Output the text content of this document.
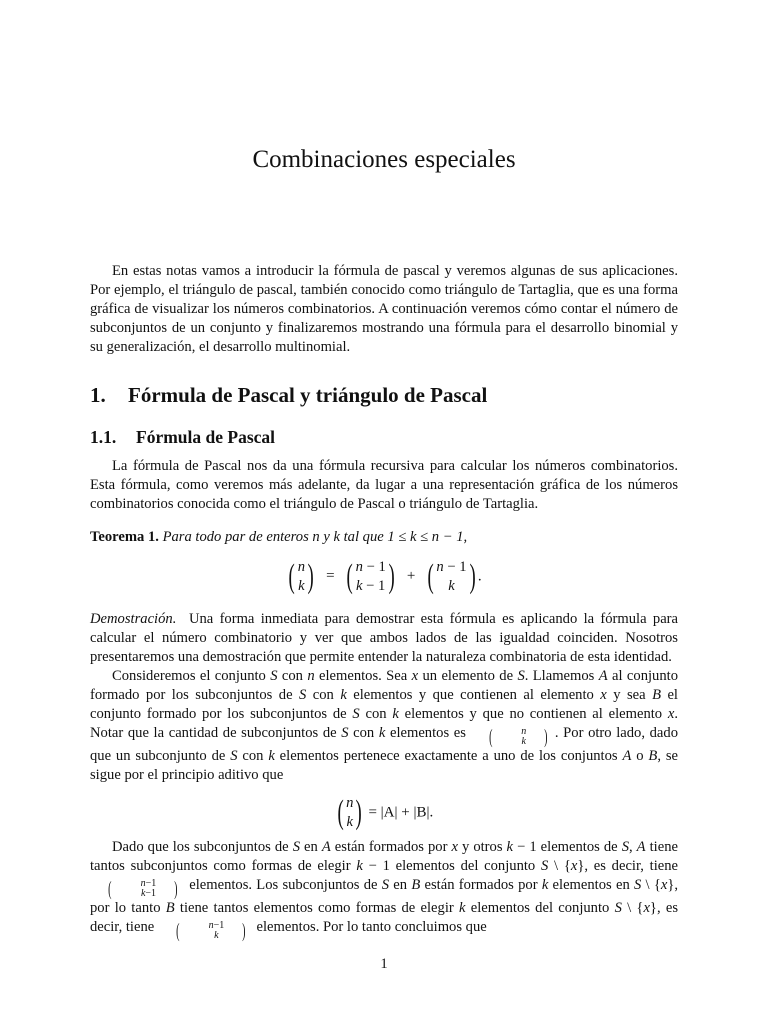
Combinaciones especiales

En estas notas vamos a introducir la fórmula de pascal y veremos algunas de sus aplicaciones. Por ejemplo, el triángulo de pascal, también conocido como triángulo de Tartaglia, que es una forma gráfica de visualizar los números combinatorios. A continuación veremos cómo contar el número de subconjuntos de un conjunto y finalizaremos mostrando una fórmula para el desarrollo binomial y su generalización, el desarrollo multinomial.

1. Fórmula de Pascal y triángulo de Pascal
1.1. Fórmula de Pascal

La fórmula de Pascal nos da una fórmula recursiva para calcular los números combinatorios. Esta fórmula, como veremos más adelante, da lugar a una representación gráfica de los números combinatorios conocida como el triángulo de Pascal o triángulo de Tartaglia.

Teorema 1. Para todo par de enteros n y k tal que 1 ≤ k ≤ n − 1,

( n
k ) = ( n − 1
k − 1 ) + ( n − 1
k ) .

Demostración. Una forma inmediata para demostrar esta fórmula es aplicando la fórmula para calcular el número combinatorio y ver que ambos lados de las igualdad coinciden. Nosotros presentaremos una demostración que permite entender la naturaleza combinatoria de esta identidad.

Consideremos el conjunto S con n elementos. Sea x un elemento de S. Llamemos A al conjunto formado por los subconjuntos de S con k elementos y que contienen al elemento x y sea B el conjunto formado por los subconjuntos de S con k elementos y que no contienen al elemento x. Notar que la cantidad de subconjuntos de S con k elementos es (	n
k ) . Por otro lado, dado que un subconjunto de S con k elementos pertenece exactamente a uno de los conjuntos A o B, se sigue por el principio aditivo que

( n
k ) = |A| + |B|.

Dado que los subconjuntos de S en A están formados por x y otros k − 1 elementos de S, A tiene tantos subconjuntos como formas de elegir k − 1 elementos del conjunto S \ {x}, es decir, tiene
(	n−1
k−1 ) elementos. Los subconjuntos de S en B están formados por k elementos en S \ {x}, por lo tanto B tiene tantos elementos como formas de elegir k elementos del conjunto S \ {x}, es decir, tiene (	n−1
k	) elementos. Por lo tanto concluimos que

1
